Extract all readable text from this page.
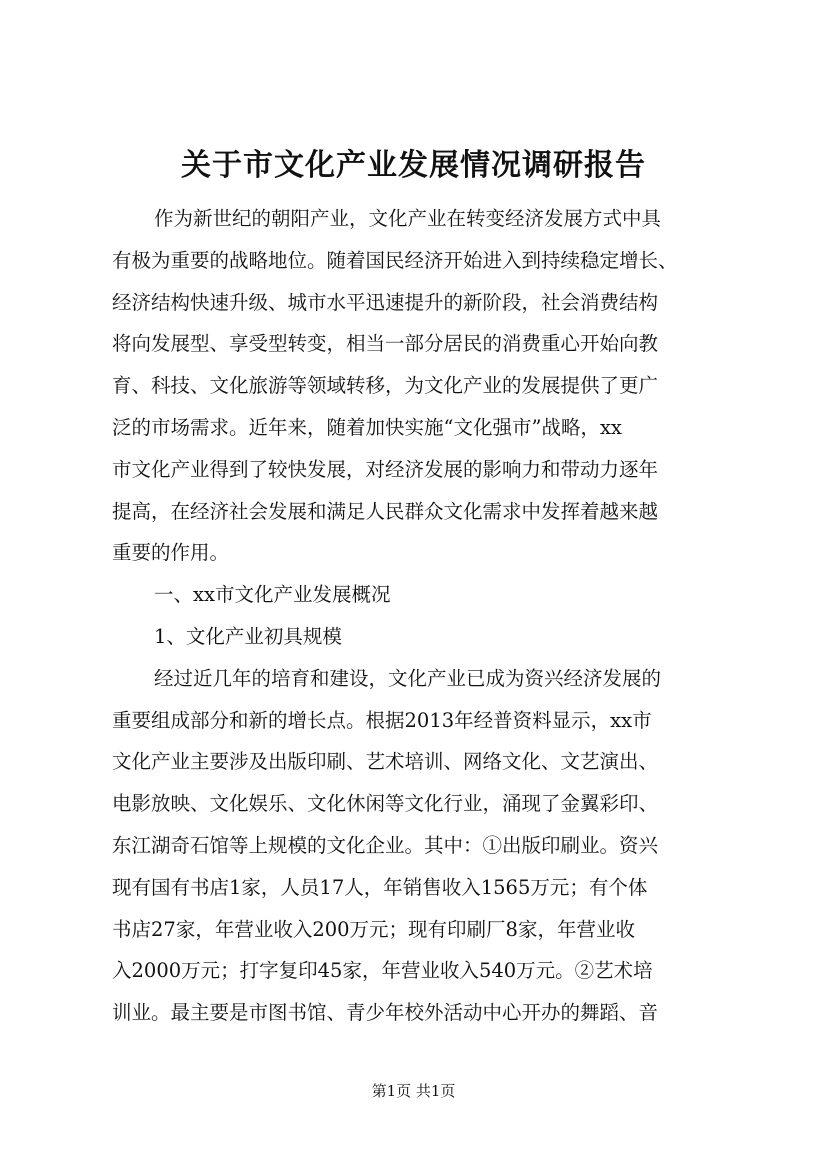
关于市文化产业发展情况调研报告
作为新世纪的朝阳产业，文化产业在转变经济发展方式中具
有极为重要的战略地位。随着国民经济开始进入到持续稳定增长、
经济结构快速升级、城市水平迅速提升的新阶段，社会消费结构
将向发展型、享受型转变，相当一部分居民的消费重心开始向教
育、科技、文化旅游等领域转移，为文化产业的发展提供了更广
泛的市场需求。近年来，随着加快实施“文化强市”战略，xx
市文化产业得到了较快发展，对经济发展的影响力和带动力逐年
提高，在经济社会发展和满足人民群众文化需求中发挥着越来越
重要的作用。
一、xx市文化产业发展概况
1、文化产业初具规模
经过近几年的培育和建设，文化产业已成为资兴经济发展的
重要组成部分和新的增长点。根据2013年经普资料显示，xx市
文化产业主要涉及出版印刷、艺术培训、网络文化、文艺演出、
电影放映、文化娱乐、文化休闲等文化行业，涌现了金翼彩印、
东江湖奇石馆等上规模的文化企业。其中：①出版印刷业。资兴
现有国有书店1家，人员17人，年销售收入1565万元；有个体
书店27家，年营业收入200万元；现有印刷厂8家，年营业收
入2000万元；打字复印45家，年营业收入540万元。②艺术培
训业。最主要是市图书馆、青少年校外活动中心开办的舞蹈、音
第1页 共1页
